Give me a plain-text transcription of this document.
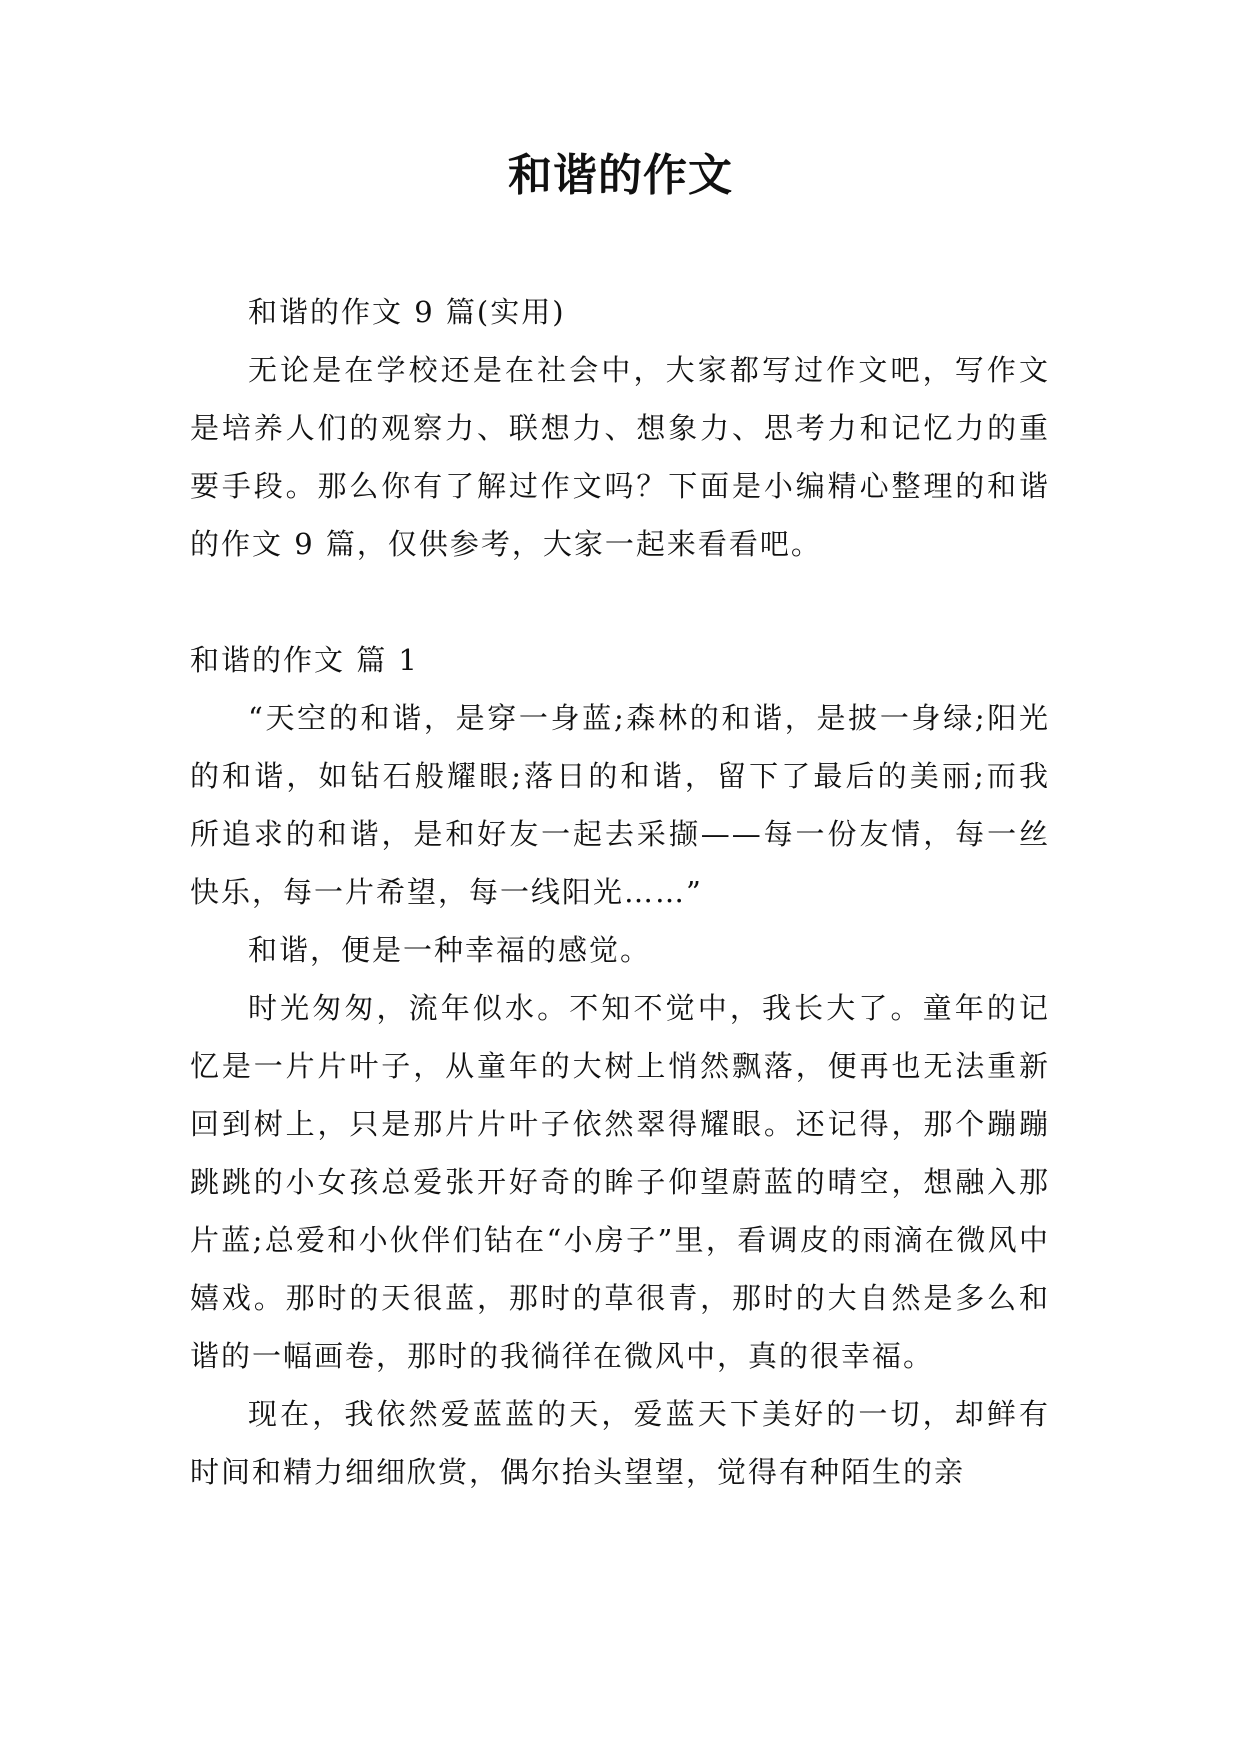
和谐的作文

和谐的作文 9 篇(实用)

无论是在学校还是在社会中，大家都写过作文吧，写作文是培养人们的观察力、联想力、想象力、思考力和记忆力的重要手段。那么你有了解过作文吗？下面是小编精心整理的和谐的作文 9 篇，仅供参考，大家一起来看看吧。

和谐的作文 篇 1

“天空的和谐，是穿一身蓝;森林的和谐，是披一身绿;阳光的和谐，如钻石般耀眼;落日的和谐，留下了最后的美丽;而我所追求的和谐，是和好友一起去采撷——每一份友情，每一丝快乐，每一片希望，每一线阳光……”

和谐，便是一种幸福的感觉。

时光匆匆，流年似水。不知不觉中，我长大了。童年的记忆是一片片叶子，从童年的大树上悄然飘落，便再也无法重新回到树上，只是那片片叶子依然翠得耀眼。还记得，那个蹦蹦跳跳的小女孩总爱张开好奇的眸子仰望蔚蓝的晴空，想融入那片蓝;总爱和小伙伴们钻在“小房子”里，看调皮的雨滴在微风中嬉戏。那时的天很蓝，那时的草很青，那时的大自然是多么和谐的一幅画卷，那时的我徜徉在微风中，真的很幸福。

现在，我依然爱蓝蓝的天，爱蓝天下美好的一切，却鲜有时间和精力细细欣赏，偶尔抬头望望，觉得有种陌生的亲
